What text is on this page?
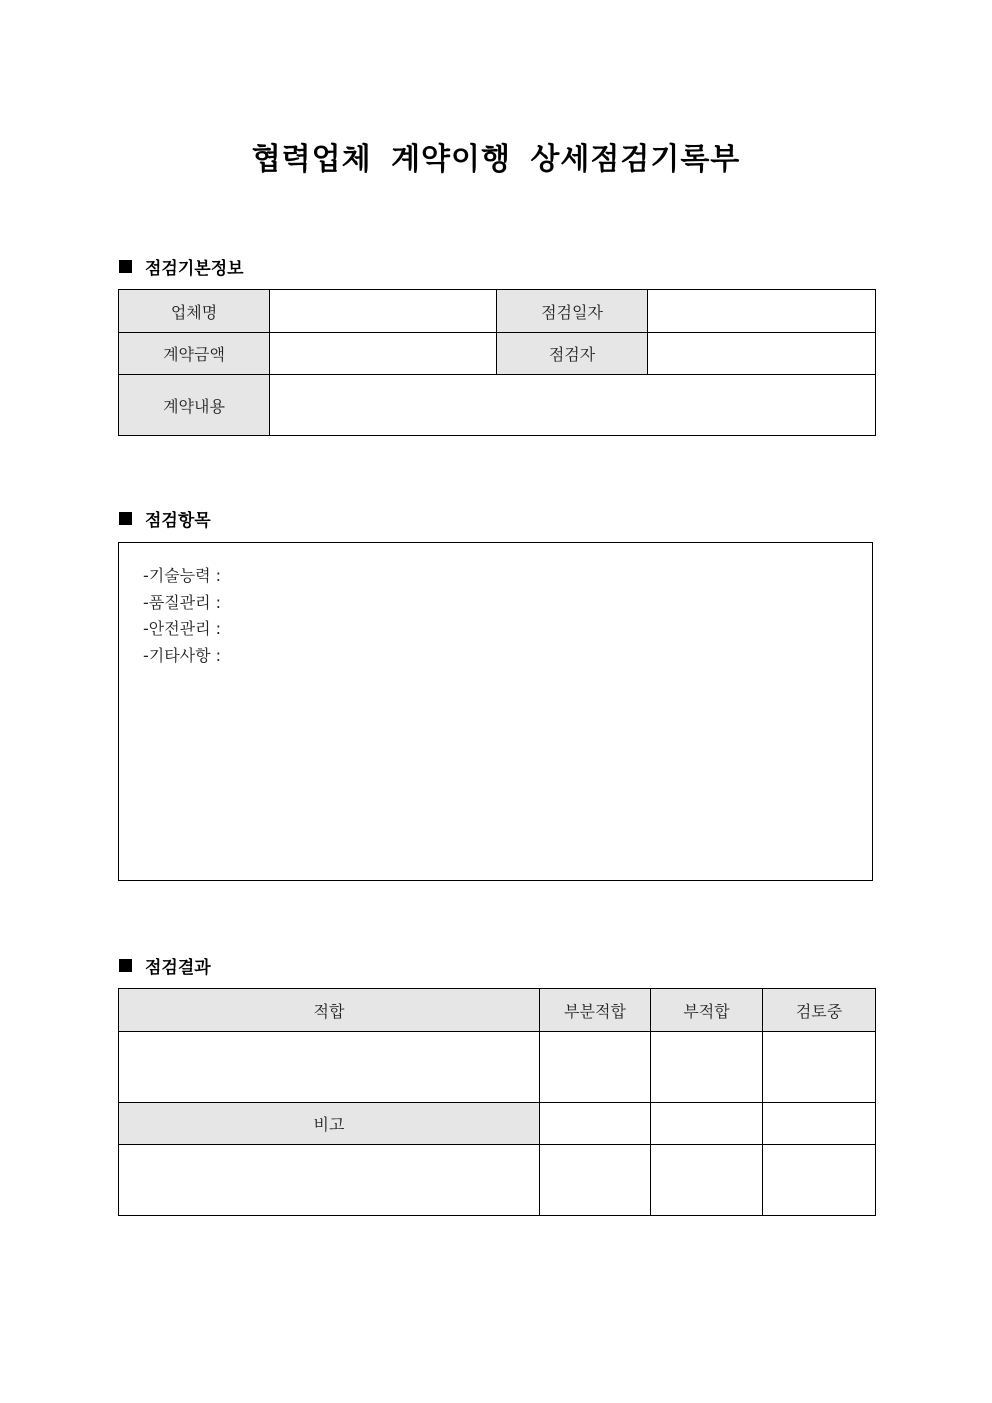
협력업체 계약이행 상세점검기록부
점검기본정보
업체명		점검일자	
계약금액		점검자	
계약내용			
점검항목
-기술능력 :
-품질관리 :
-안전관리 :
-기타사항 :
점검결과
적합	부분적합	부적합	검토중

비고			
